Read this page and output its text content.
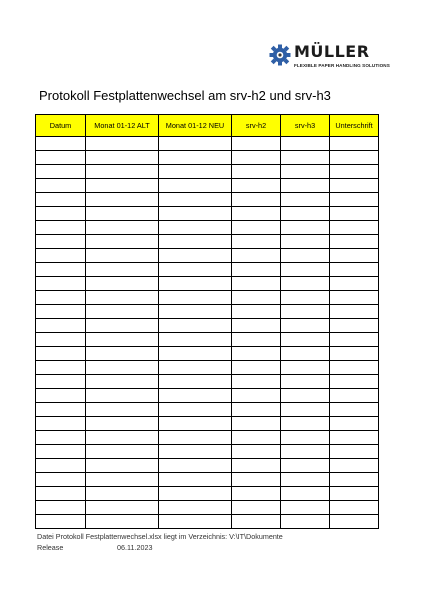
MÜLLER
FLEXIBLE PAPER HANDLING SOLUTIONS
Protokoll Festplattenwechsel am srv-h2 und srv-h3
Datum	Monat 01-12 ALT	Monat 01-12 NEU	srv-h2	srv-h3	Unterschrift

Datei Protokoll Festplattenwechsel.xlsx liegt im Verzeichnis: V:\IT\Dokumente
Release	06.11.2023
